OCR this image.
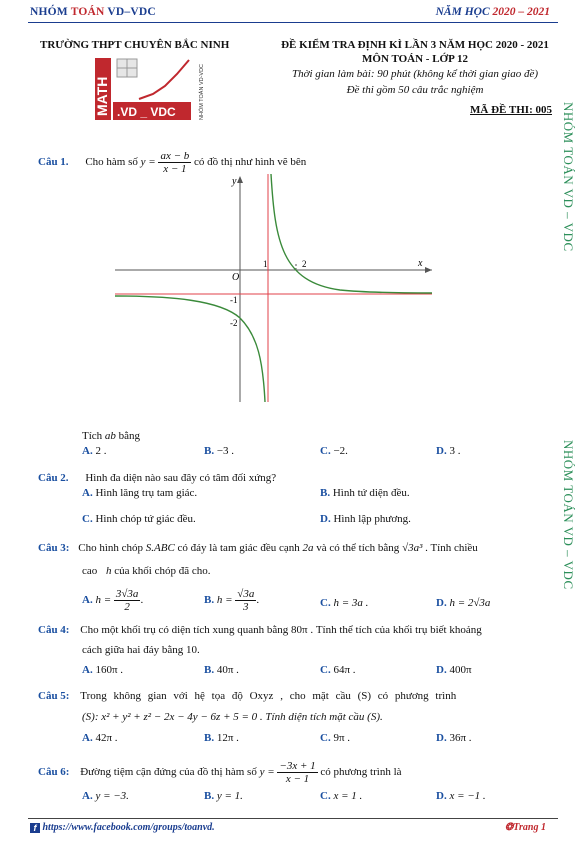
NHÓM TOÁN VD–VDC	NĂM HỌC 2020 – 2021
TRƯỜNG THPT CHUYÊN BẮC NINH
MATH .VD _ VDC	NHÓM TOÁN VD-VDC
ĐỀ KIỂM TRA ĐỊNH KÌ LẦN 3 NĂM HỌC 2020 - 2021
MÔN TOÁN - LỚP 12
Thời gian làm bài: 90 phút (không kể thời gian giao đề)
Đề thi gồm 50 câu trắc nghiệm
MÃ ĐỀ THI: 005 NHÓM TOÁN VD – VDC
NHÓM TOÁN VD – VDC
Câu 1. Cho hàm số $y = \frac{ax - b}{x - 1}$ có đồ thị như hình vẽ bên
y
x
O
1	2
-1
-2
Tích ab bằng
A. 2 .	B. −3 .	C. −2.	D. 3 .
Câu 2. Hình đa diện nào sau đây có tâm đối xứng?
A. Hình lăng trụ tam giác.	B. Hình tứ diện đều.
C. Hình chóp tứ giác đều.	D. Hình lập phương.
Câu 3: Cho hình chóp S.ABC có đáy là tam giác đều cạnh 2a và có thể tích bằng √3a³ . Tính chiều
cao h của khối chóp đã cho.
A. $h = \frac{3√3a}{2}$ .	B. $h = \frac{√3a}{3}$ .	C. h = 3a .	D. h = 2√3a
Câu 4: Cho một khối trụ có diện tích xung quanh bằng 80π . Tính thể tích của khối trụ biết khoảng
cách giữa hai đáy bằng 10.
A. 160π .	B. 40π .	C. 64π .	D. 400π
Câu 5: Trong không gian với hệ tọa độ Oxyz , cho mặt cầu (S) có phương trình
(S): x² + y² + z² − 2x − 4y − 6z + 5 = 0 . Tính diện tích mặt cầu (S).
A. 42π .	B. 12π .	C. 9π .	D. 36π .
Câu 6: Đường tiệm cận đứng của đồ thị hàm số $y = \frac{-3x + 1}{x - 1}$ có phương trình là
A. y = −3.	B. y = 1.	C. x = 1 .	D. x = −1 .
f https://www.facebook.com/groups/toanvd.	❂Trang 1
